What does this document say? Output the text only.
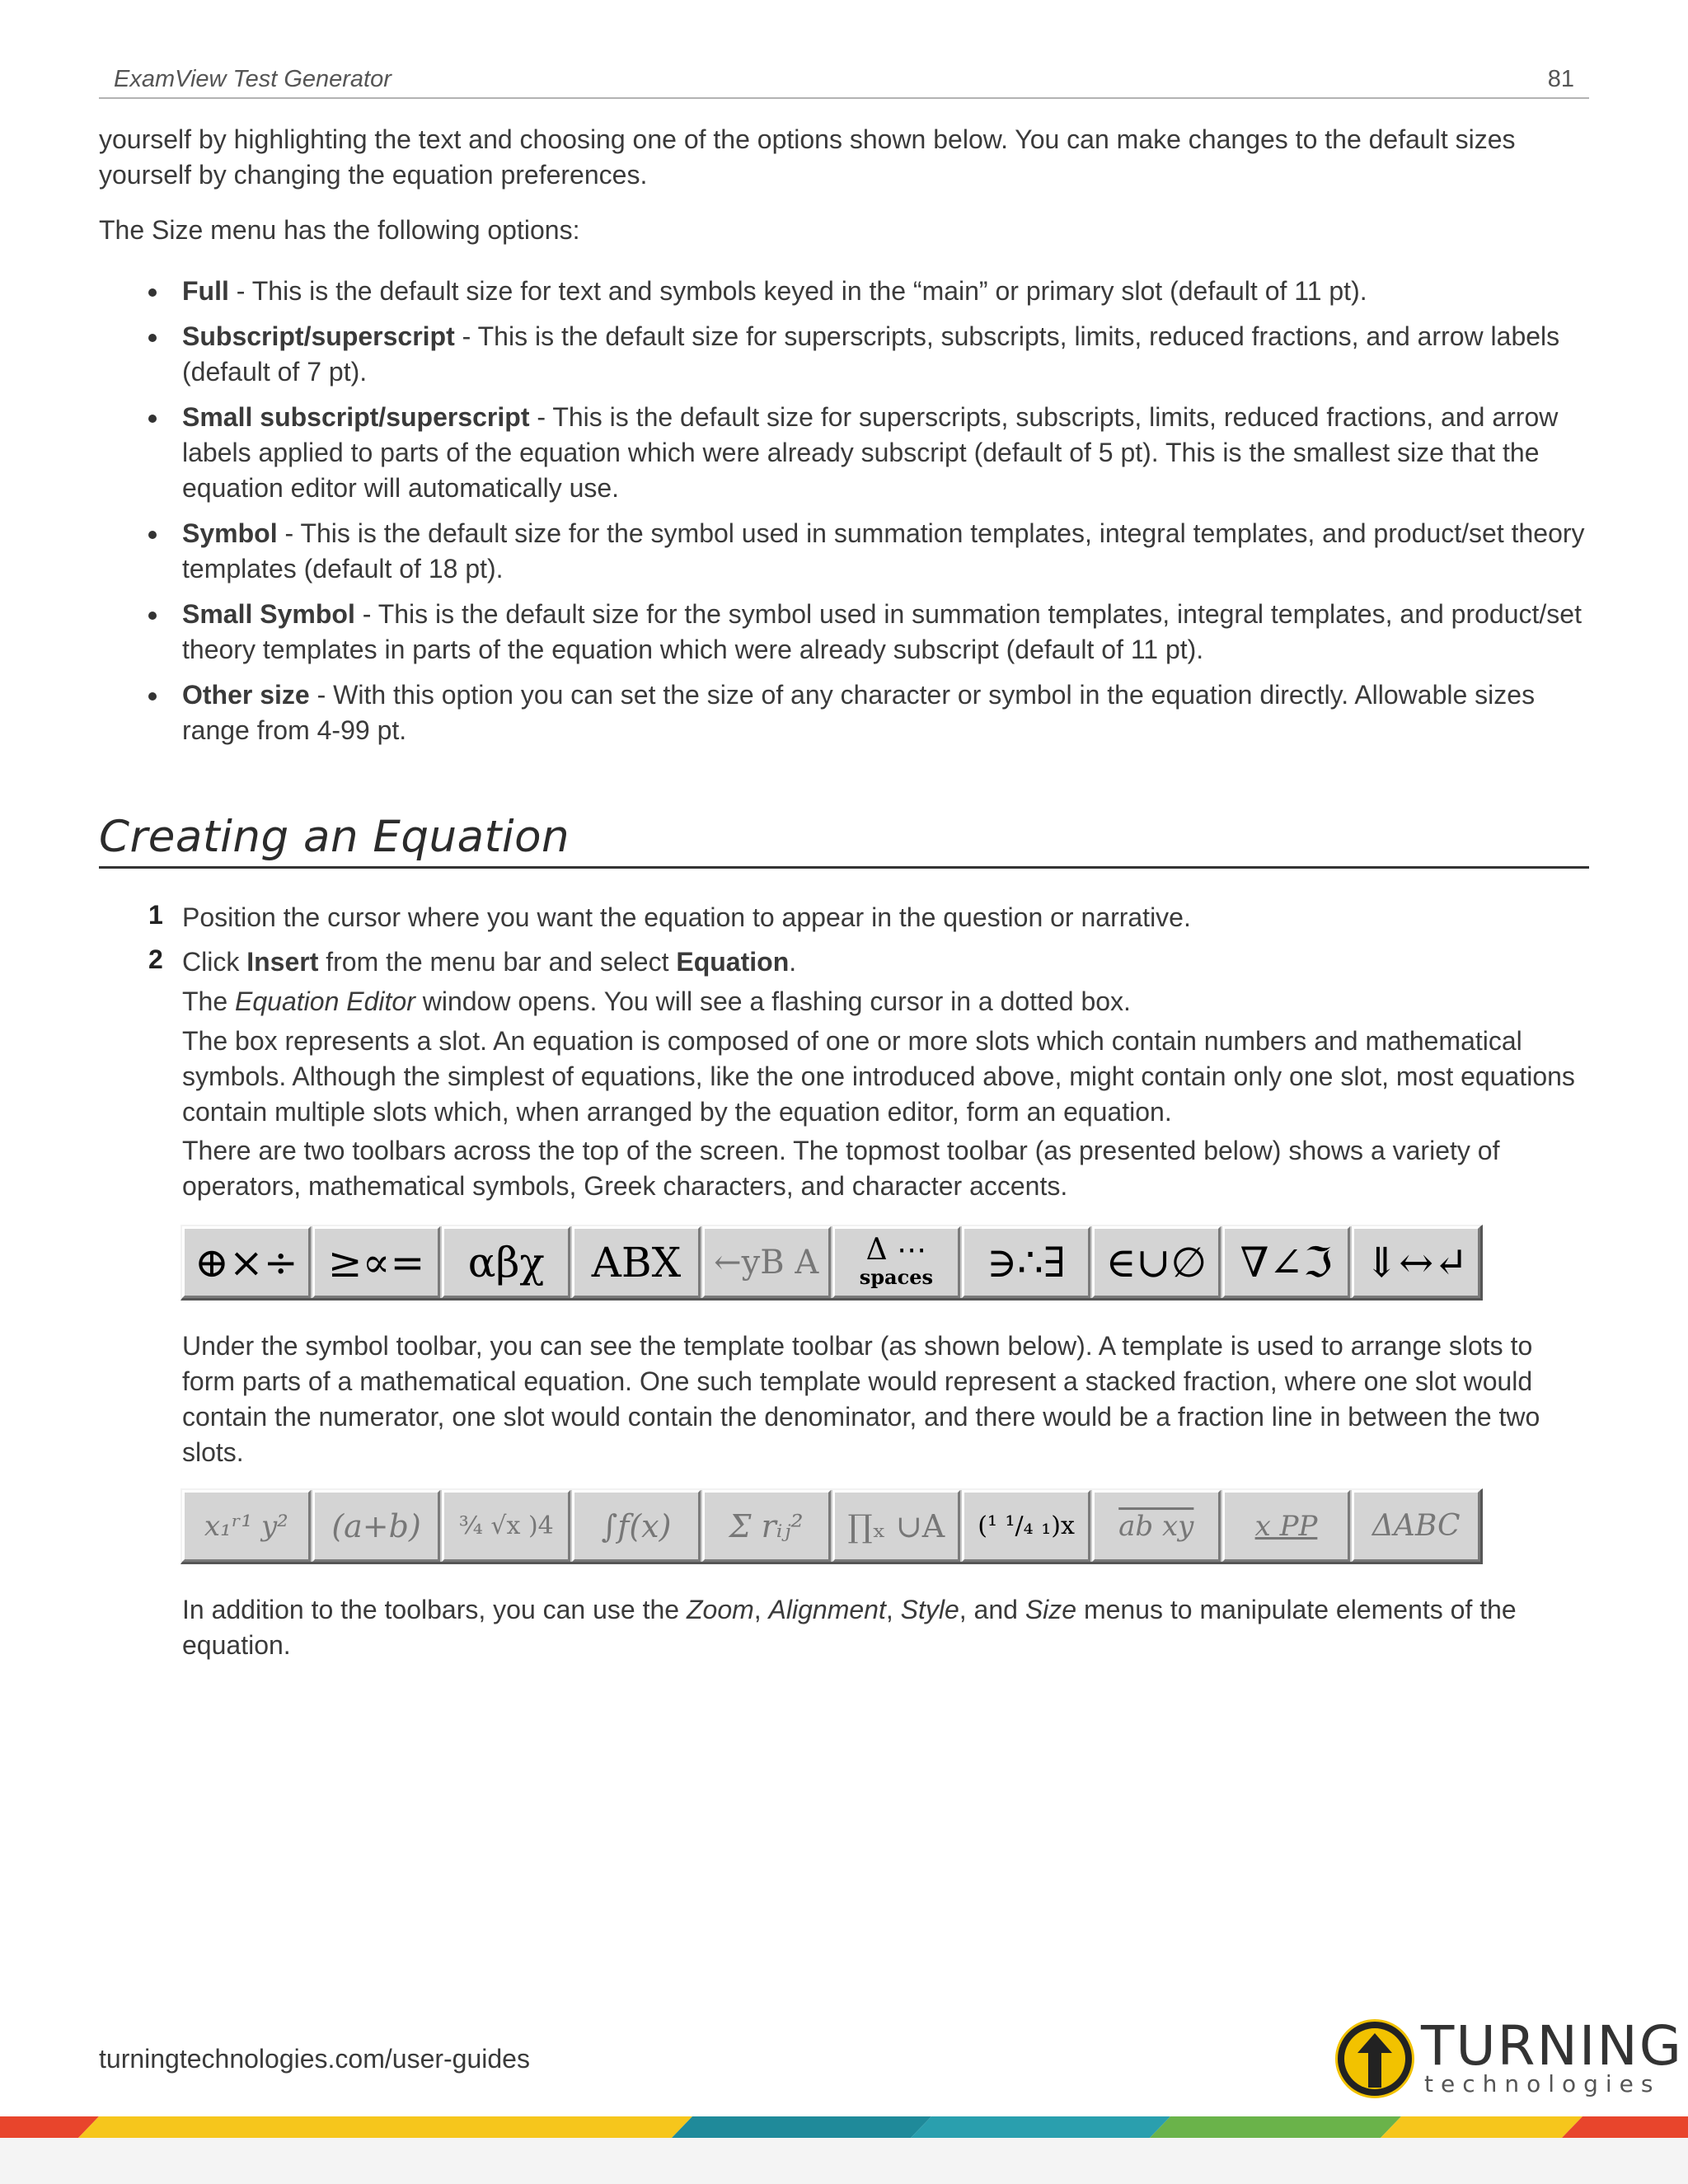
ExamView Test Generator	81
yourself by highlighting the text and choosing one of the options shown below. You can make changes to the default sizes yourself by changing the equation preferences.
The Size menu has the following options:
Full - This is the default size for text and symbols keyed in the “main” or primary slot (default of 11 pt).
Subscript/superscript - This is the default size for superscripts, subscripts, limits, reduced fractions, and arrow labels (default of 7 pt).
Small subscript/superscript - This is the default size for superscripts, subscripts, limits, reduced fractions, and arrow labels applied to parts of the equation which were already subscript (default of 5 pt). This is the smallest size that the equation editor will automatically use.
Symbol - This is the default size for the symbol used in summation templates, integral templates, and product/set theory templates (default of 18 pt).
Small Symbol - This is the default size for the symbol used in summation templates, integral templates, and product/set theory templates in parts of the equation which were already subscript (default of 11 pt).
Other size - With this option you can set the size of any character or symbol in the equation directly. Allowable sizes range from 4-99 pt.
Creating an Equation
1 Position the cursor where you want the equation to appear in the question or narrative.
2 Click Insert from the menu bar and select Equation.
The Equation Editor window opens. You will see a flashing cursor in a dotted box.
The box represents a slot. An equation is composed of one or more slots which contain numbers and mathematical symbols. Although the simplest of equations, like the one introduced above, might contain only one slot, most equations contain multiple slots which, when arranged by the equation editor, form an equation.
There are two toolbars across the top of the screen. The topmost toolbar (as presented below) shows a variety of operators, mathematical symbols, Greek characters, and character accents.
⊕×÷ ≥∝= αβχ ABX ←yB A Δ ⋯
spaces ∋∴∃ ∈∪∅ ∇∠ℑ ⇓↔↵
Under the symbol toolbar, you can see the template toolbar (as shown below). A template is used to arrange slots to form parts of a mathematical equation. One such template would represent a stacked fraction, where one slot would contain the numerator, one slot would contain the denominator, and there would be a fraction line in between the two slots.
x₁ʳ¹ y² (a+b) ¾ √x )4 ∫f(x) Σ rᵢⱼ² ∏ₓ ∪A (¹ ¹/₄ ₁)x ab xy x PP ΔABC
In addition to the toolbars, you can use the Zoom, Alignment, Style, and Size menus to manipulate elements of the equation.
turningtechnologies.com/user-guides	TURNING
technologies
